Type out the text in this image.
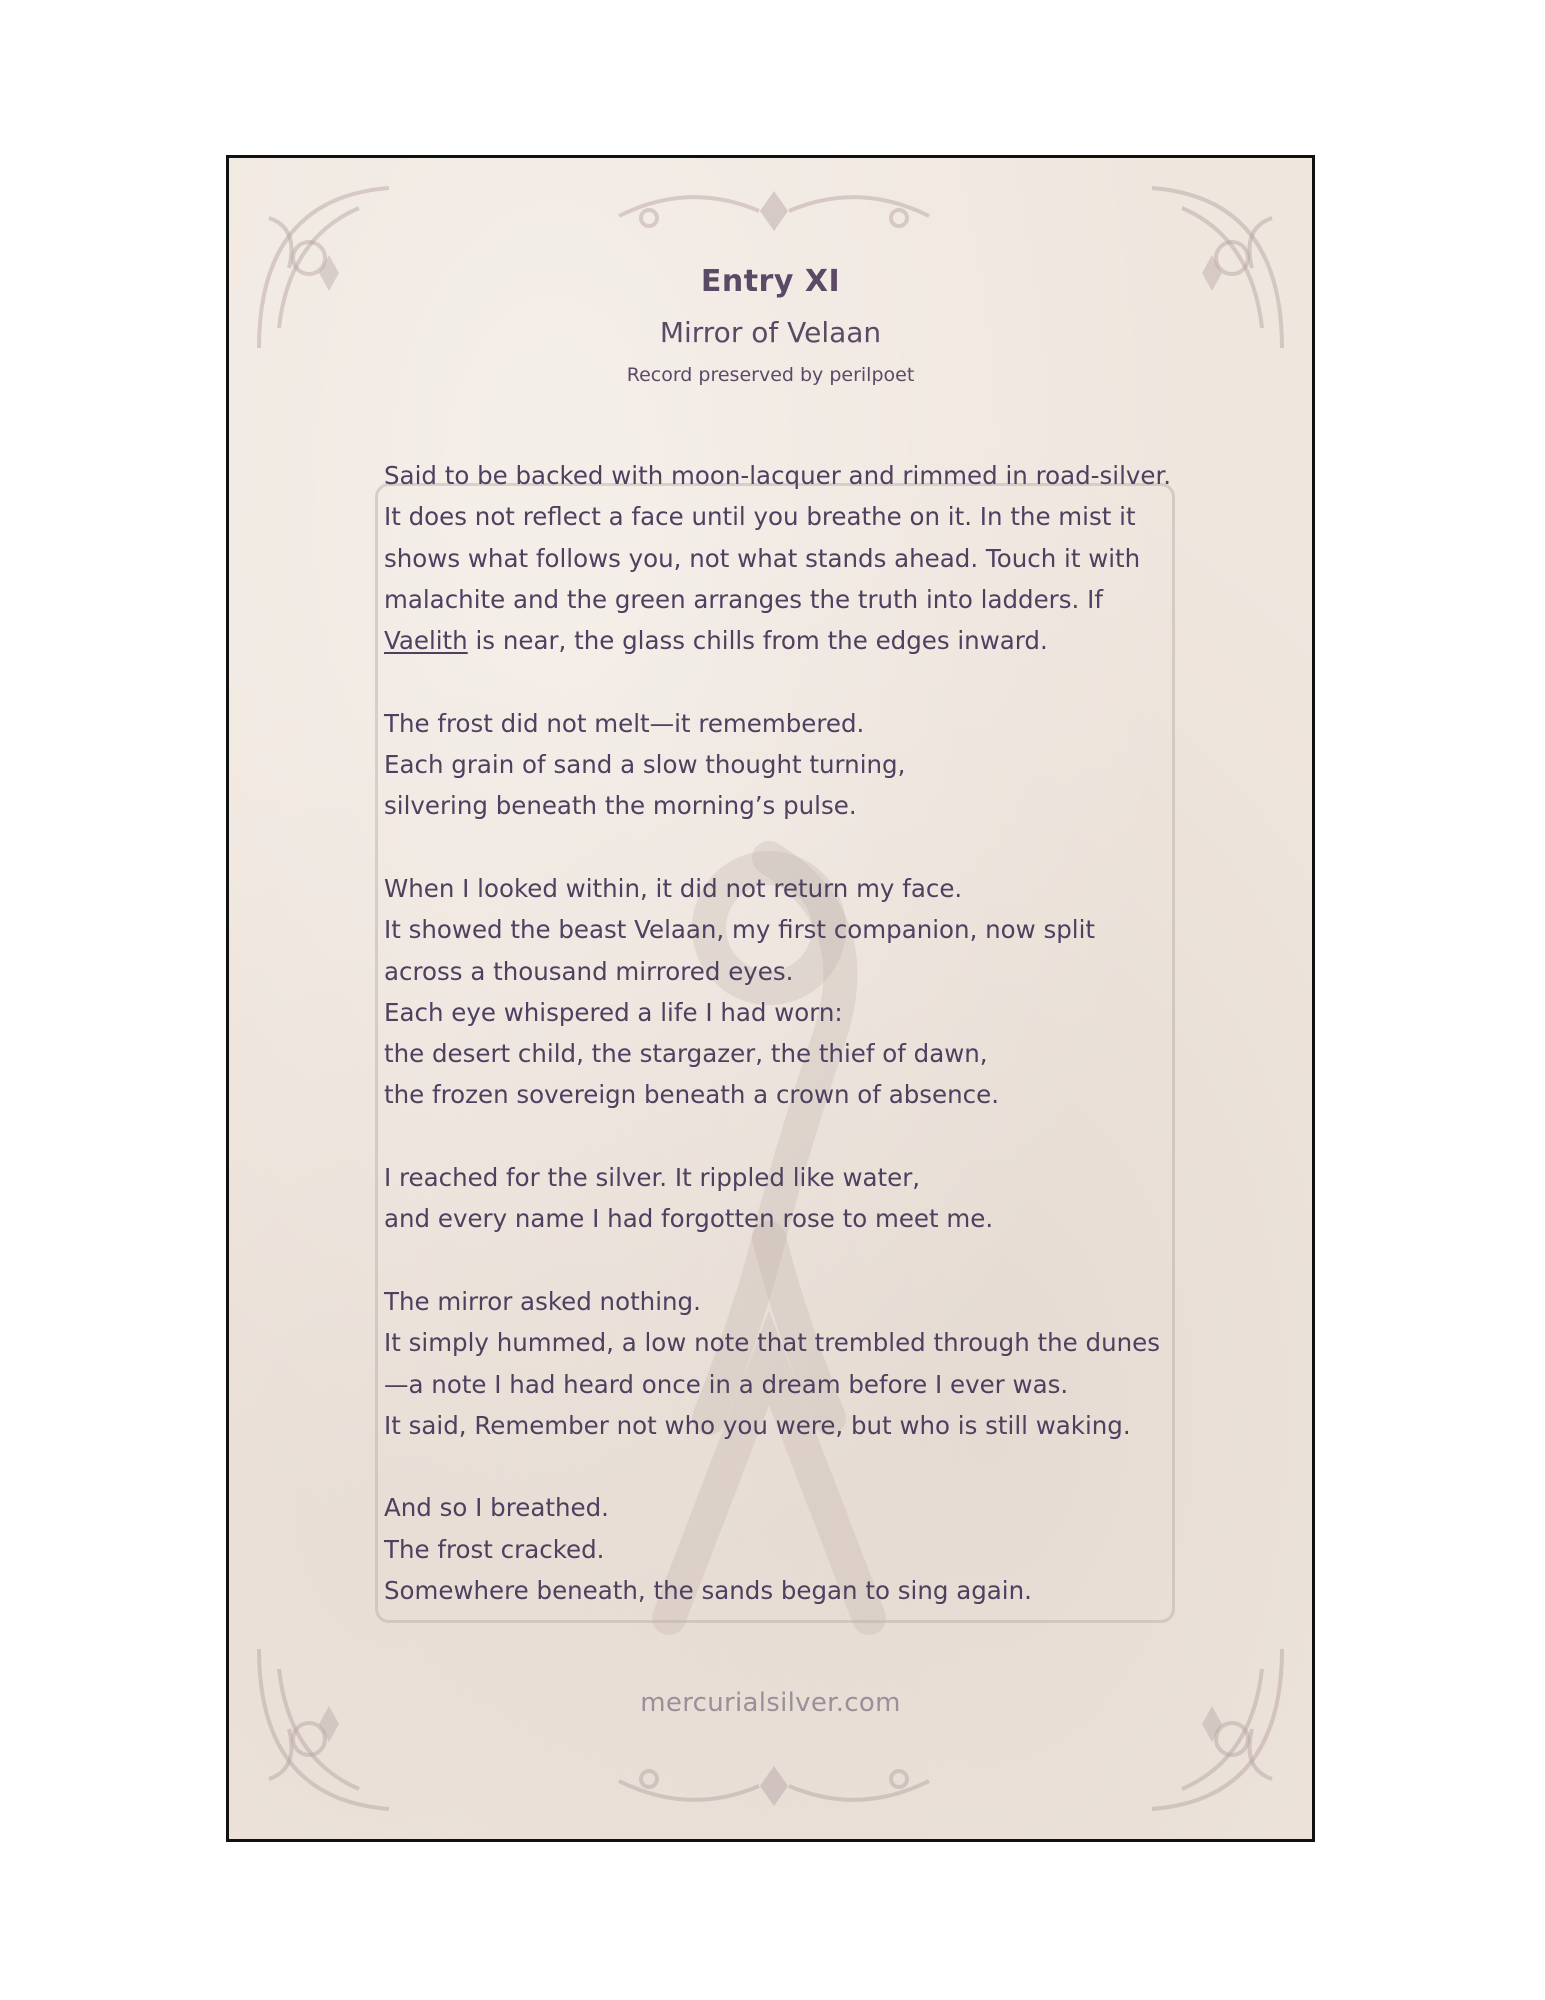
Entry XI

Mirror of Velaan

Record preserved by perilpoet

Said to be backed with moon-lacquer and rimmed in road-silver.
It does not reflect a face until you breathe on it. In the mist it
shows what follows you, not what stands ahead. Touch it with
malachite and the green arranges the truth into ladders. If
Vaelith is near, the glass chills from the edges inward.

The frost did not melt—it remembered.
Each grain of sand a slow thought turning,
silvering beneath the morning’s pulse.

When I looked within, it did not return my face.
It showed the beast Velaan, my first companion, now split
across a thousand mirrored eyes.
Each eye whispered a life I had worn:
the desert child, the stargazer, the thief of dawn,
the frozen sovereign beneath a crown of absence.

I reached for the silver. It rippled like water,
and every name I had forgotten rose to meet me.

The mirror asked nothing.
It simply hummed, a low note that trembled through the dunes
—a note I had heard once in a dream before I ever was.
It said, Remember not who you were, but who is still waking.

And so I breathed.
The frost cracked.
Somewhere beneath, the sands began to sing again.

mercurialsilver.com
